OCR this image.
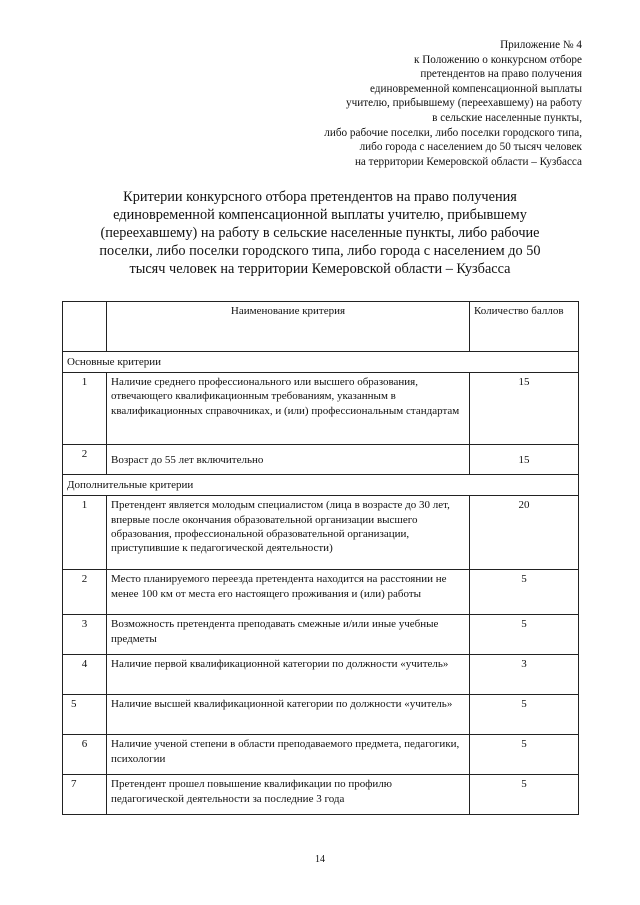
Приложение № 4
к Положению о конкурсном отборе
претендентов на право получения
единовременной компенсационной выплаты
учителю, прибывшему (переехавшему) на работу
в сельские населенные пункты,
либо рабочие поселки, либо поселки городского типа,
либо города с населением до 50 тысяч человек
на территории Кемеровской области – Кузбасса
Критерии конкурсного отбора претендентов на право получения
единовременной компенсационной выплаты учителю, прибывшему
(переехавшему) на работу в сельские населенные пункты, либо рабочие
поселки, либо поселки городского типа, либо города с населением до 50
тысяч человек на территории Кемеровской области – Кузбасса
	Наименование критерия	Количество баллов
Основные критерии		
1	Наличие среднего профессионального или высшего образования, отвечающего квалификационным требованиям, указанным в квалификационных справочниках, и (или) профессиональным стандартам	15
2	Возраст до 55 лет включительно	15
Дополнительные критерии		
1	Претендент является молодым специалистом (лица в возрасте до 30 лет, впервые после окончания образовательной организации высшего образования, профессиональной образовательной организации, приступившие к педагогической деятельности)	20
2	Место планируемого переезда претендента находится на расстоянии не менее 100 км от места его настоящего проживания и (или) работы	5
3	Возможность претендента преподавать смежные и/или иные учебные предметы	5
4	Наличие первой квалификационной категории по должности «учитель»	3
5	Наличие высшей квалификационной категории по должности «учитель»	5
6	Наличие ученой степени в области преподаваемого предмета, педагогики, психологии	5
7	Претендент прошел повышение квалификации по профилю педагогической деятельности за последние 3 года	5
14
